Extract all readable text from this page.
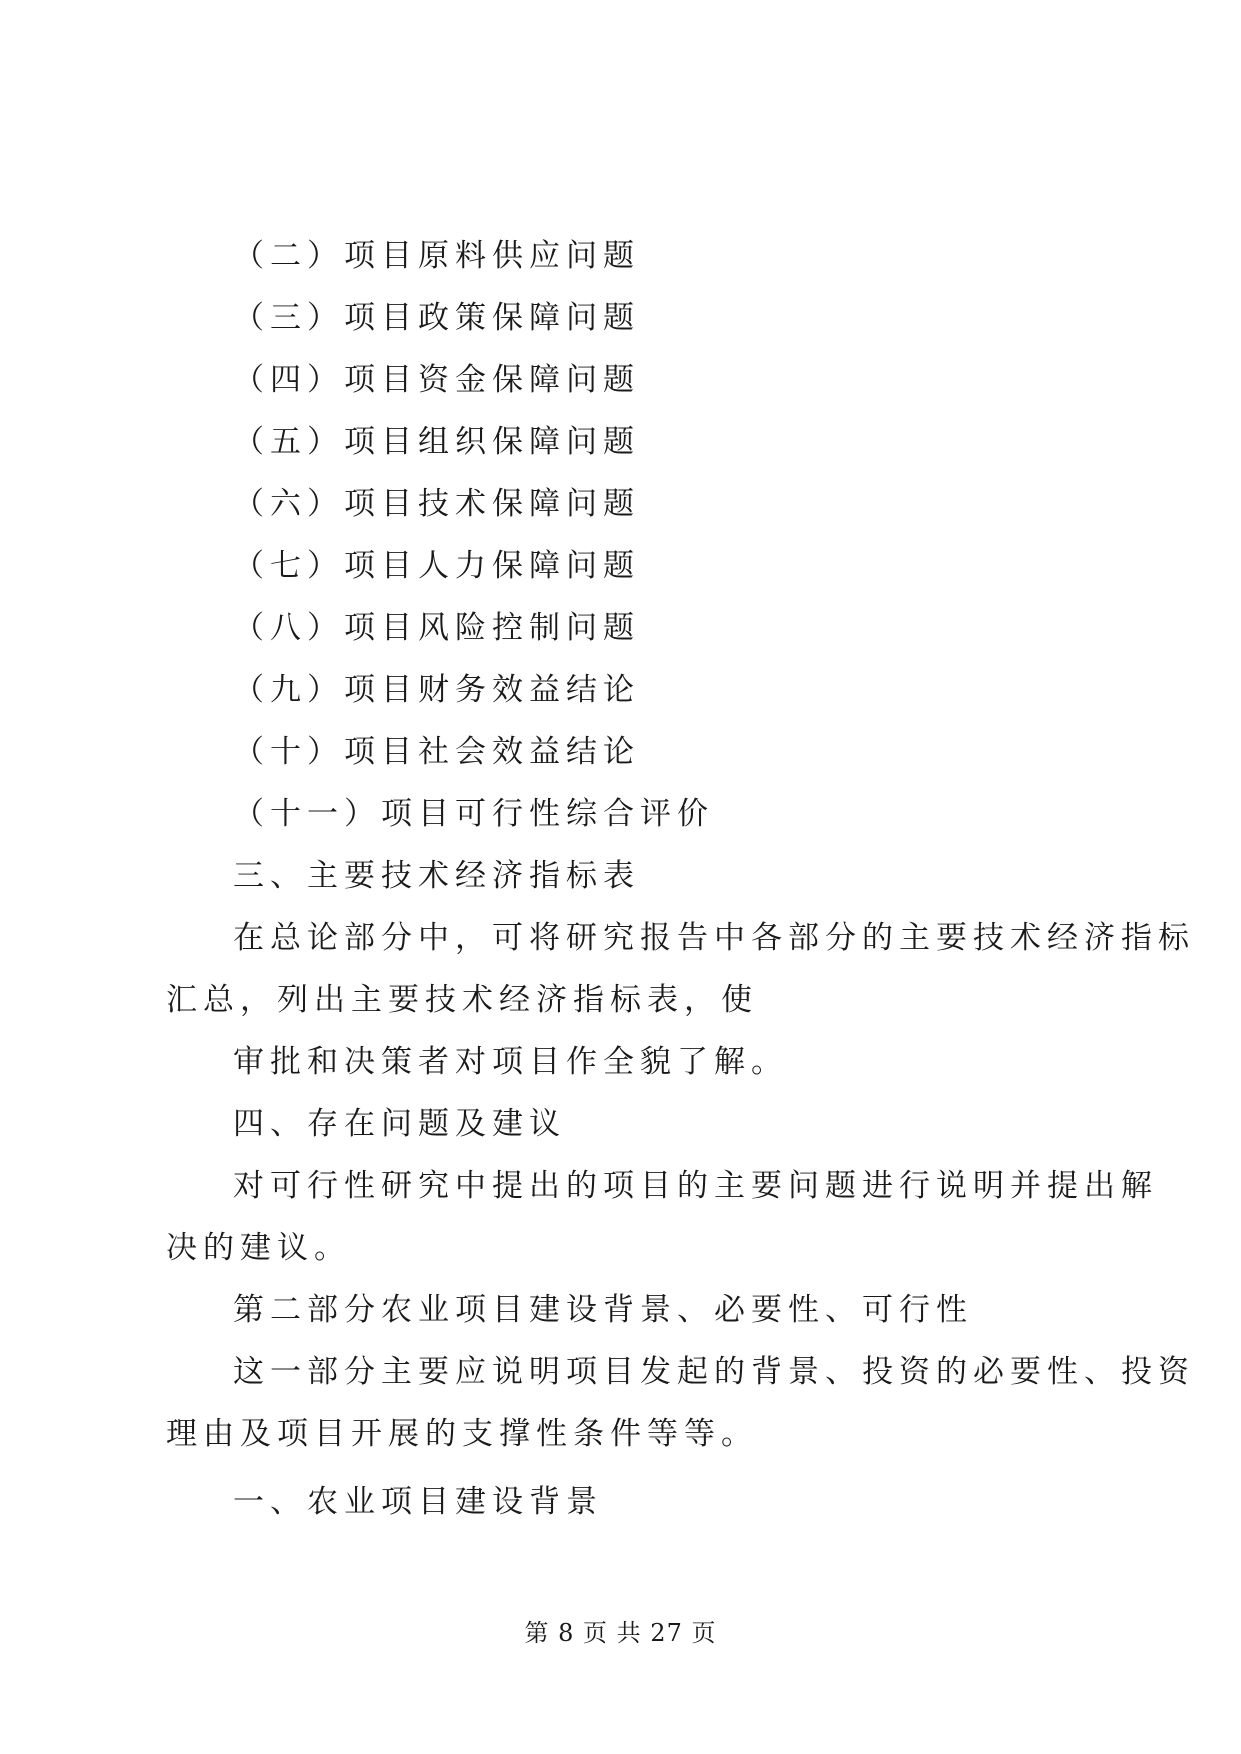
（二）项目原料供应问题
（三）项目政策保障问题
（四）项目资金保障问题
（五）项目组织保障问题
（六）项目技术保障问题
（七）项目人力保障问题
（八）项目风险控制问题
（九）项目财务效益结论
（十）项目社会效益结论
（十一）项目可行性综合评价
三、主要技术经济指标表
在总论部分中，可将研究报告中各部分的主要技术经济指标
汇总，列出主要技术经济指标表，使
审批和决策者对项目作全貌了解。
四、存在问题及建议
对可行性研究中提出的项目的主要问题进行说明并提出解
决的建议。
第二部分农业项目建设背景、必要性、可行性
这一部分主要应说明项目发起的背景、投资的必要性、投资
理由及项目开展的支撑性条件等等。
一、农业项目建设背景
第 8 页 共 27 页
